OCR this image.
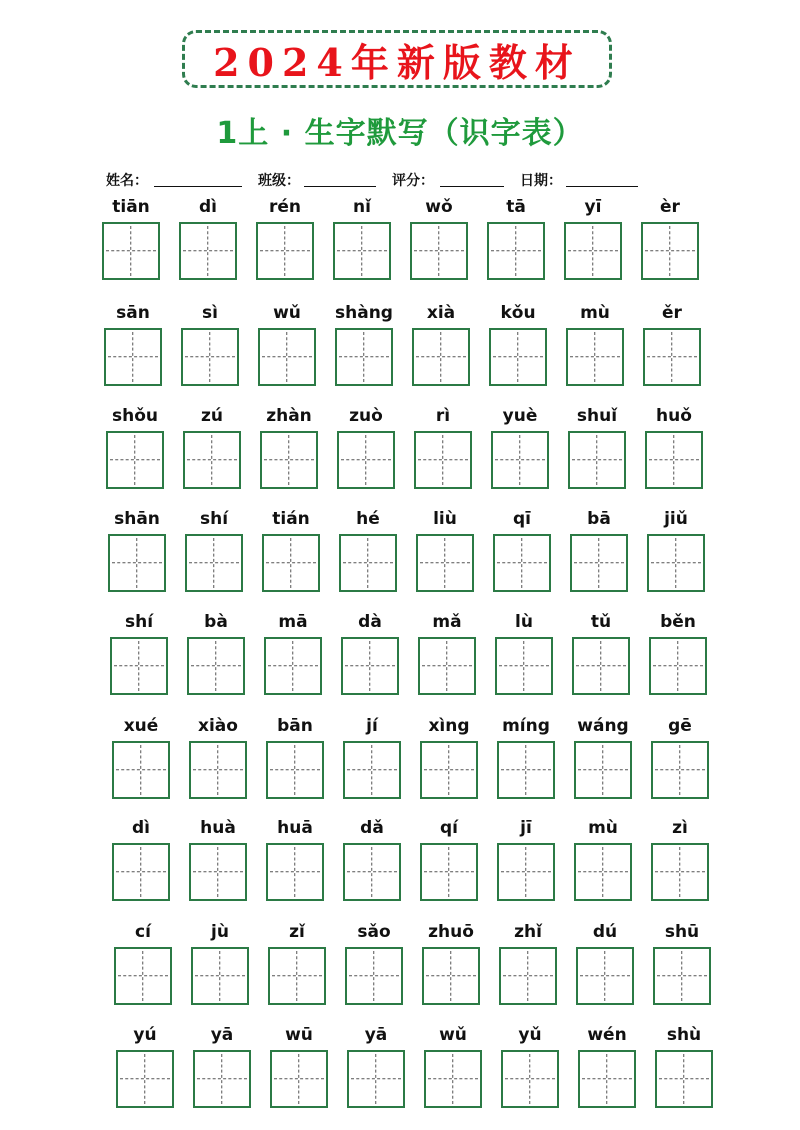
2024年新版教材
1上 · 生字默写（识字表）
姓名：	班级：	评分：	日期：
tiān	dì	rén	nǐ	wǒ	tā	yī	èr
sān	sì	wǔ	shàng	xià	kǒu	mù	ěr
shǒu	zú	zhàn	zuò	rì	yuè	shuǐ	huǒ
shān	shí	tián	hé	liù	qī	bā	jiǔ
shí	bà	mā	dà	mǎ	lù	tǔ	běn
xué	xiào	bān	jí	xìng	míng	wáng	gē
dì	huà	huā	dǎ	qí	jī	mù	zì
cí	jù	zǐ	sǎo	zhuō	zhǐ	dú	shū
yú	yā	wū	yā	wǔ	yǔ	wén	shù
